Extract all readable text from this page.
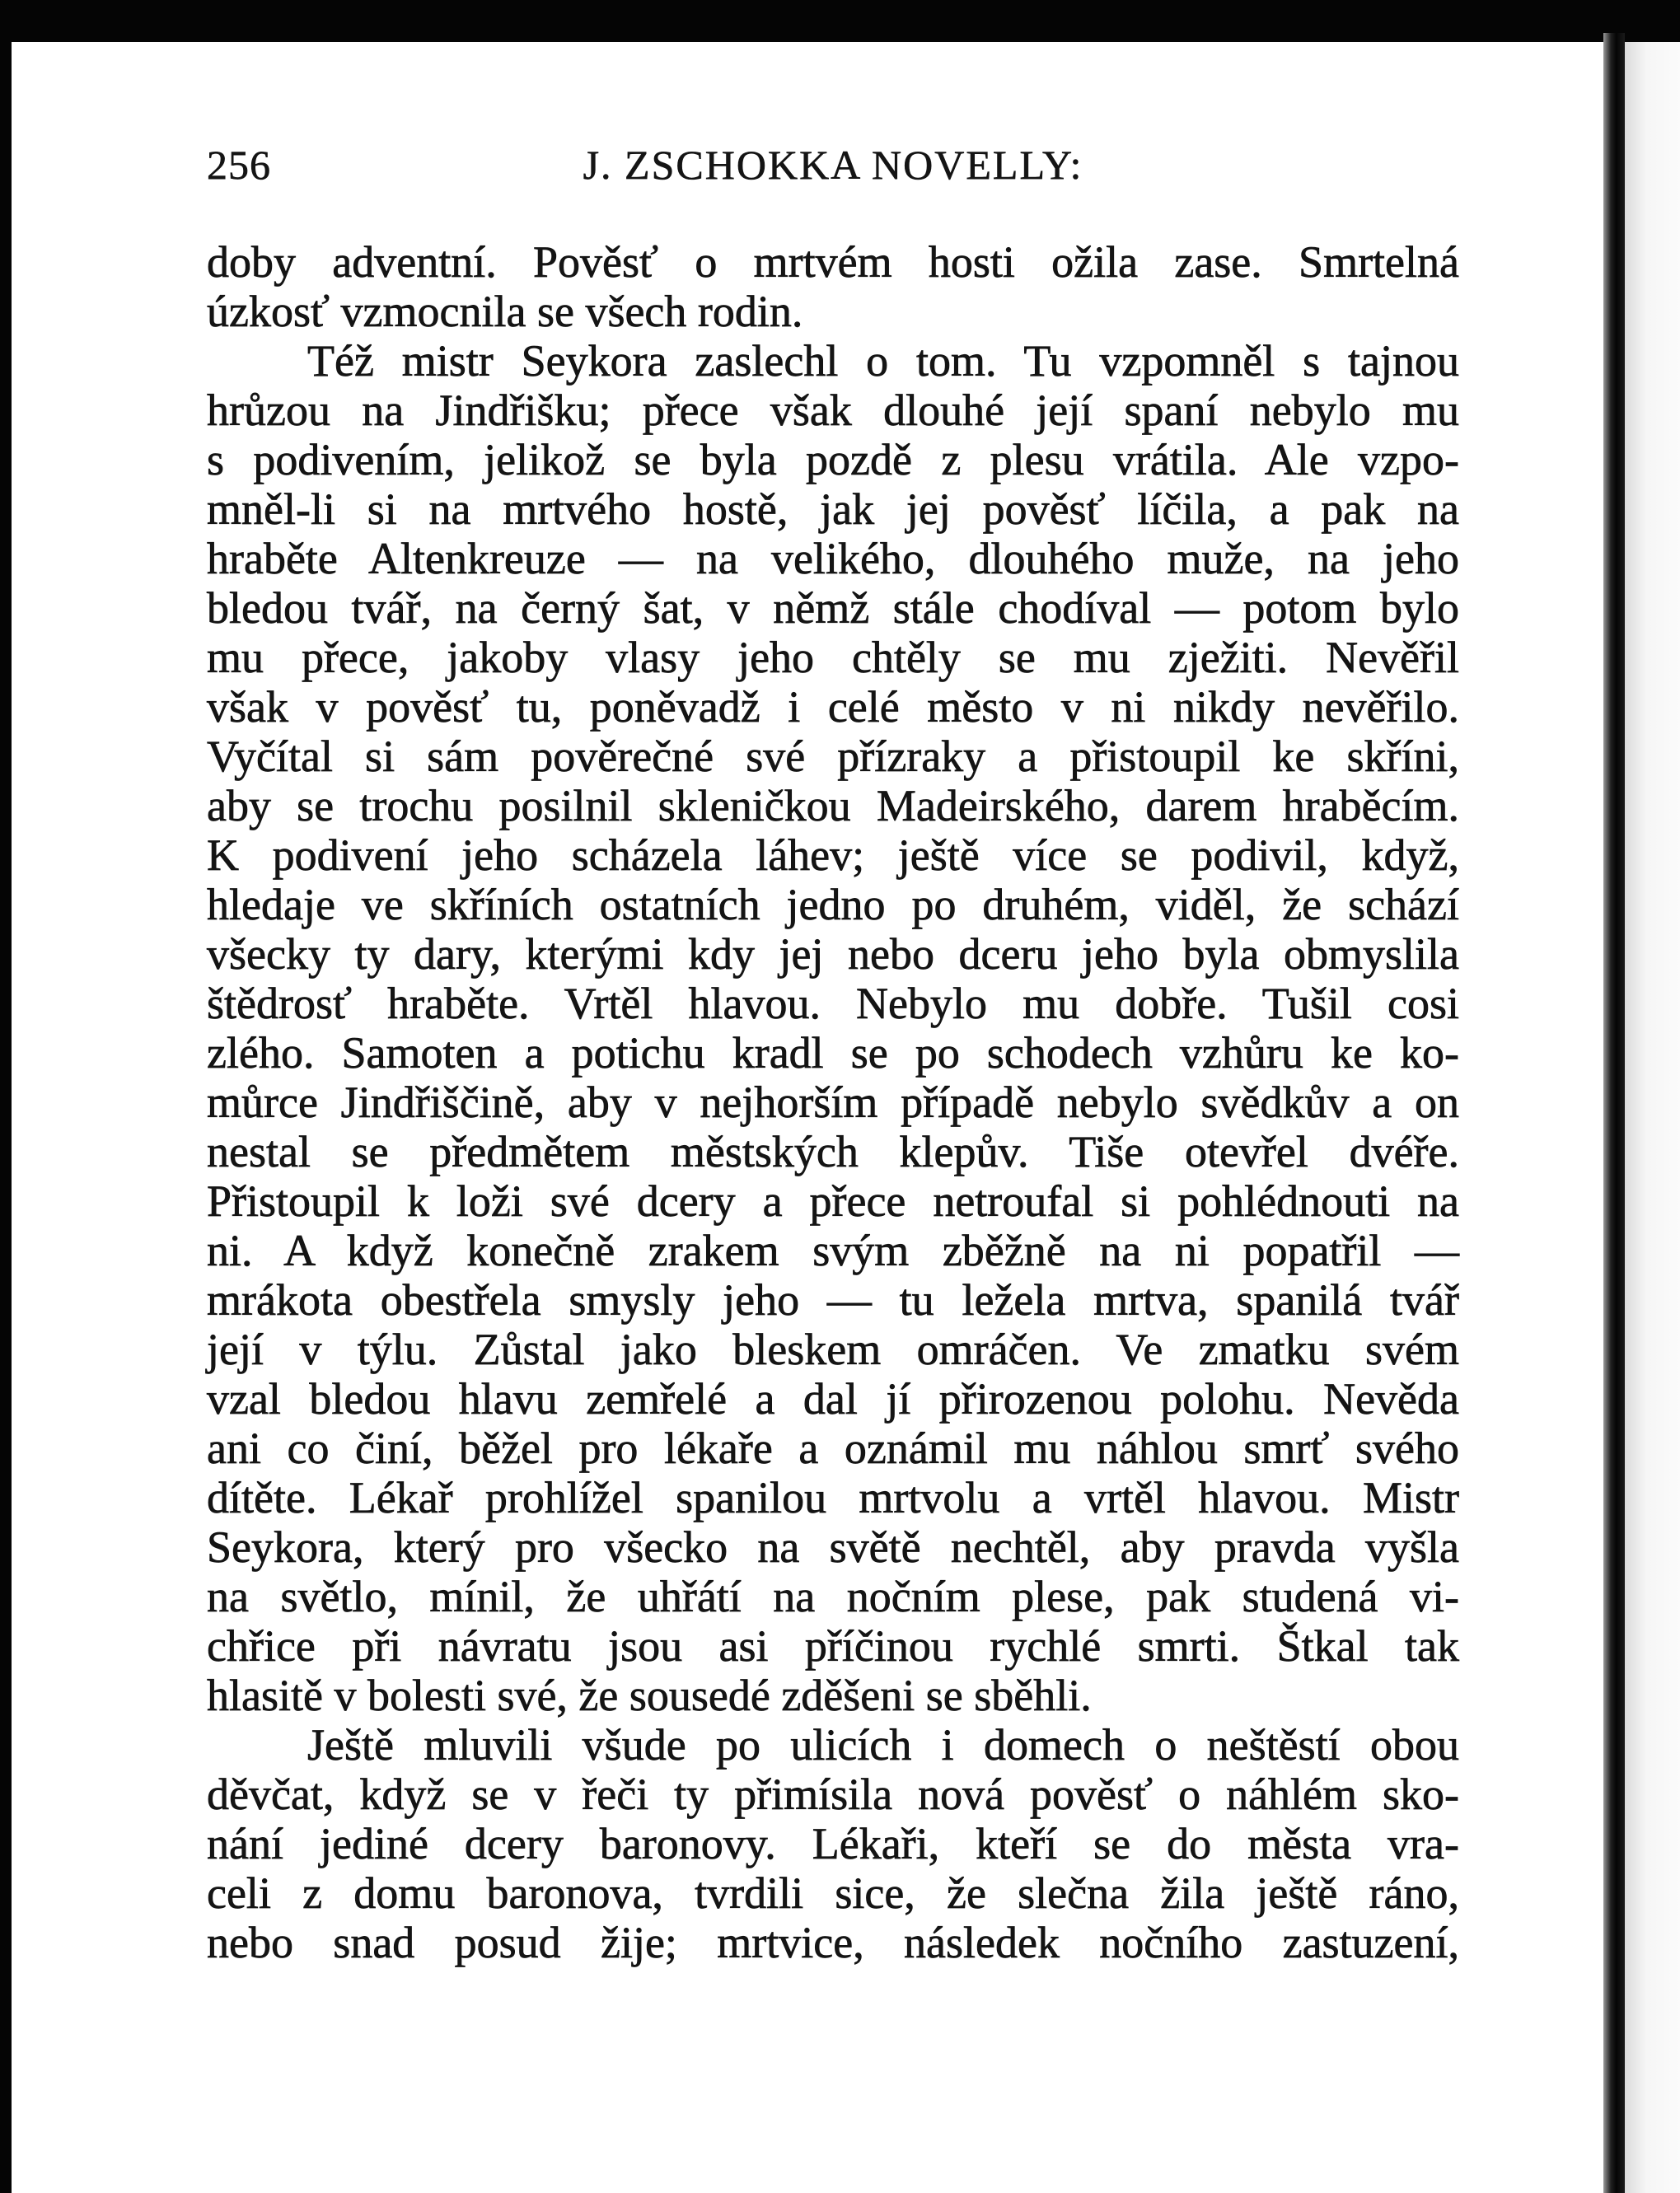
256	J. ZSCHOKKA NOVELLY:
doby adventní. Pověsť o mrtvém hosti ožila zase. Smrtelná
úzkosť vzmocnila se všech rodin.
Též mistr Seykora zaslechl o tom. Tu vzpomněl s tajnou
hrůzou na Jindřišku; přece však dlouhé její spaní nebylo mu
s podivením, jelikož se byla pozdě z plesu vrátila. Ale vzpo-
mněl-li si na mrtvého hostě, jak jej pověsť líčila, a pak na
hraběte Altenkreuze — na velikého, dlouhého muže, na jeho
bledou tvář, na černý šat, v němž stále chodíval — potom bylo
mu přece, jakoby vlasy jeho chtěly se mu zježiti. Nevěřil
však v pověsť tu, poněvadž i celé město v ni nikdy nevěřilo.
Vyčítal si sám pověrečné své přízraky a přistoupil ke skříni,
aby se trochu posilnil skleničkou Madeirského, darem hraběcím.
K podivení jeho scházela láhev; ještě více se podivil, když,
hledaje ve skříních ostatních jedno po druhém, viděl, že schází
všecky ty dary, kterými kdy jej nebo dceru jeho byla obmyslila
štědrosť hraběte. Vrtěl hlavou. Nebylo mu dobře. Tušil cosi
zlého. Samoten a potichu kradl se po schodech vzhůru ke ko-
můrce Jindřiščině, aby v nejhorším případě nebylo svědkův a on
nestal se předmětem městských klepův. Tiše otevřel dvéře.
Přistoupil k loži své dcery a přece netroufal si pohlédnouti na
ni. A když konečně zrakem svým zběžně na ni popatřil —
mrákota obestřela smysly jeho — tu ležela mrtva, spanilá tvář
její v týlu. Zůstal jako bleskem omráčen. Ve zmatku svém
vzal bledou hlavu zemřelé a dal jí přirozenou polohu. Nevěda
ani co činí, běžel pro lékaře a oznámil mu náhlou smrť svého
dítěte. Lékař prohlížel spanilou mrtvolu a vrtěl hlavou. Mistr
Seykora, který pro všecko na světě nechtěl, aby pravda vyšla
na světlo, mínil, že uhřátí na nočním plese, pak studená vi-
chřice při návratu jsou asi příčinou rychlé smrti. Štkal tak
hlasitě v bolesti své, že sousedé zděšeni se sběhli.
Ještě mluvili všude po ulicích i domech o neštěstí obou
děvčat, když se v řeči ty přimísila nová pověsť o náhlém sko-
nání jediné dcery baronovy. Lékaři, kteří se do města vra-
celi z domu baronova, tvrdili sice, že slečna žila ještě ráno,
nebo snad posud žije; mrtvice, následek nočního zastuzení,
